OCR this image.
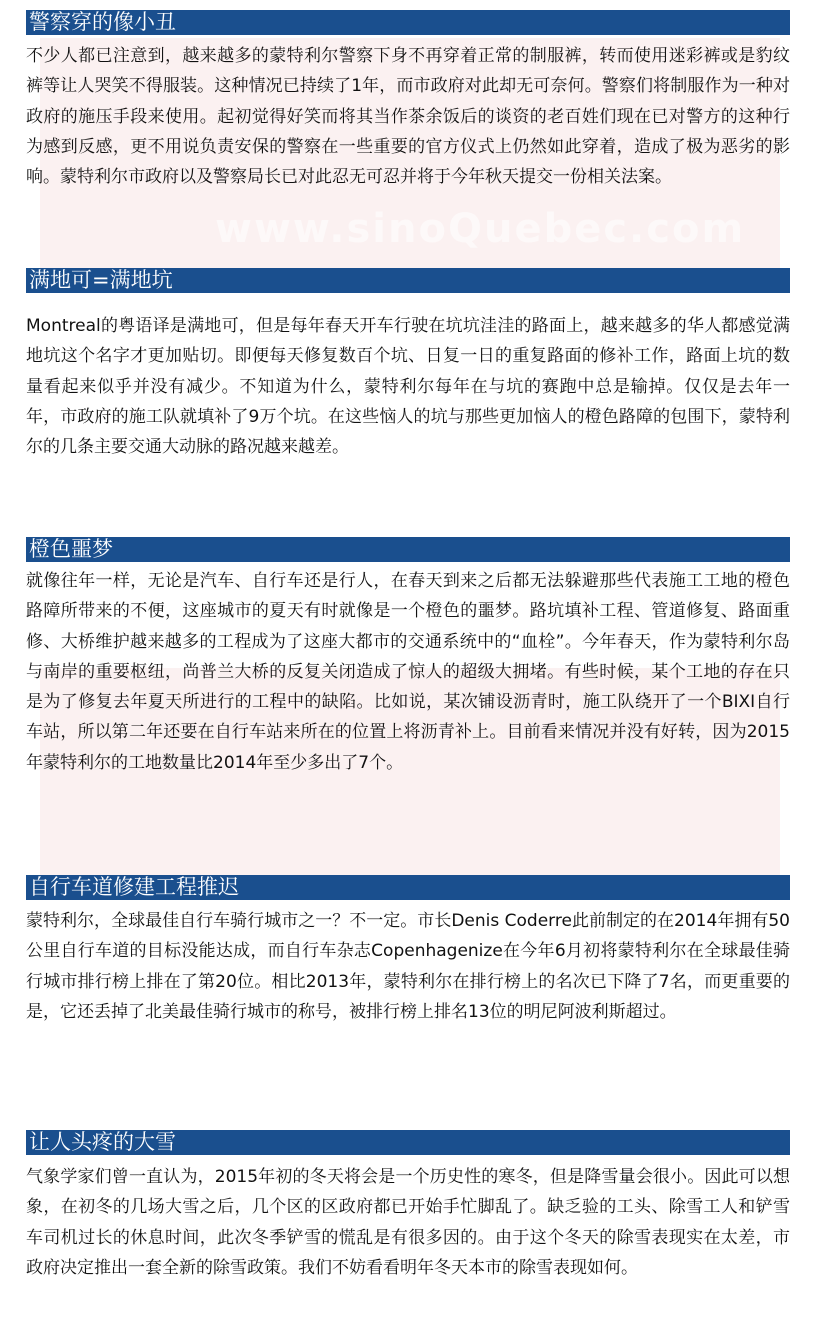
www.sinoQuebec.com
警察穿的像小丑

不少人都已注意到，越来越多的蒙特利尔警察下身不再穿着正常的制服裤，转而使用迷彩裤或是豹纹裤等让人哭笑不得服装。这种情况已持续了1年，而市政府对此却无可奈何。警察们将制服作为一种对政府的施压手段来使用。起初觉得好笑而将其当作茶余饭后的谈资的老百姓们现在已对警方的这种行为感到反感，更不用说负责安保的警察在一些重要的官方仪式上仍然如此穿着，造成了极为恶劣的影响。蒙特利尔市政府以及警察局长已对此忍无可忍并将于今年秋天提交一份相关法案。

满地可=满地坑

Montreal的粤语译是满地可，但是每年春天开车行驶在坑坑洼洼的路面上，越来越多的华人都感觉满地坑这个名字才更加贴切。即便每天修复数百个坑、日复一日的重复路面的修补工作，路面上坑的数量看起来似乎并没有减少。不知道为什么，蒙特利尔每年在与坑的赛跑中总是输掉。仅仅是去年一年，市政府的施工队就填补了9万个坑。在这些恼人的坑与那些更加恼人的橙色路障的包围下，蒙特利尔的几条主要交通大动脉的路况越来越差。

橙色噩梦

就像往年一样，无论是汽车、自行车还是行人，在春天到来之后都无法躲避那些代表施工工地的橙色路障所带来的不便，这座城市的夏天有时就像是一个橙色的噩梦。路坑填补工程、管道修复、路面重修、大桥维护越来越多的工程成为了这座大都市的交通系统中的“血栓”。今年春天，作为蒙特利尔岛与南岸的重要枢纽，尚普兰大桥的反复关闭造成了惊人的超级大拥堵。有些时候，某个工地的存在只是为了修复去年夏天所进行的工程中的缺陷。比如说，某次铺设沥青时，施工队绕开了一个BIXI自行车站，所以第二年还要在自行车站来所在的位置上将沥青补上。目前看来情况并没有好转，因为2015年蒙特利尔的工地数量比2014年至少多出了7个。

自行车道修建工程推迟

蒙特利尔，全球最佳自行车骑行城市之一？不一定。市长Denis Coderre此前制定的在2014年拥有50公里自行车道的目标没能达成，而自行车杂志Copenhagenize在今年6月初将蒙特利尔在全球最佳骑行城市排行榜上排在了第20位。相比2013年，蒙特利尔在排行榜上的名次已下降了7名，而更重要的是，它还丢掉了北美最佳骑行城市的称号，被排行榜上排名13位的明尼阿波利斯超过。

让人头疼的大雪

气象学家们曾一直认为，2015年初的冬天将会是一个历史性的寒冬，但是降雪量会很小。因此可以想象，在初冬的几场大雪之后，几个区的区政府都已开始手忙脚乱了。缺乏验的工头、除雪工人和铲雪车司机过长的休息时间，此次冬季铲雪的慌乱是有很多因的。由于这个冬天的除雪表现实在太差，市政府决定推出一套全新的除雪政策。我们不妨看看明年冬天本市的除雪表现如何。
